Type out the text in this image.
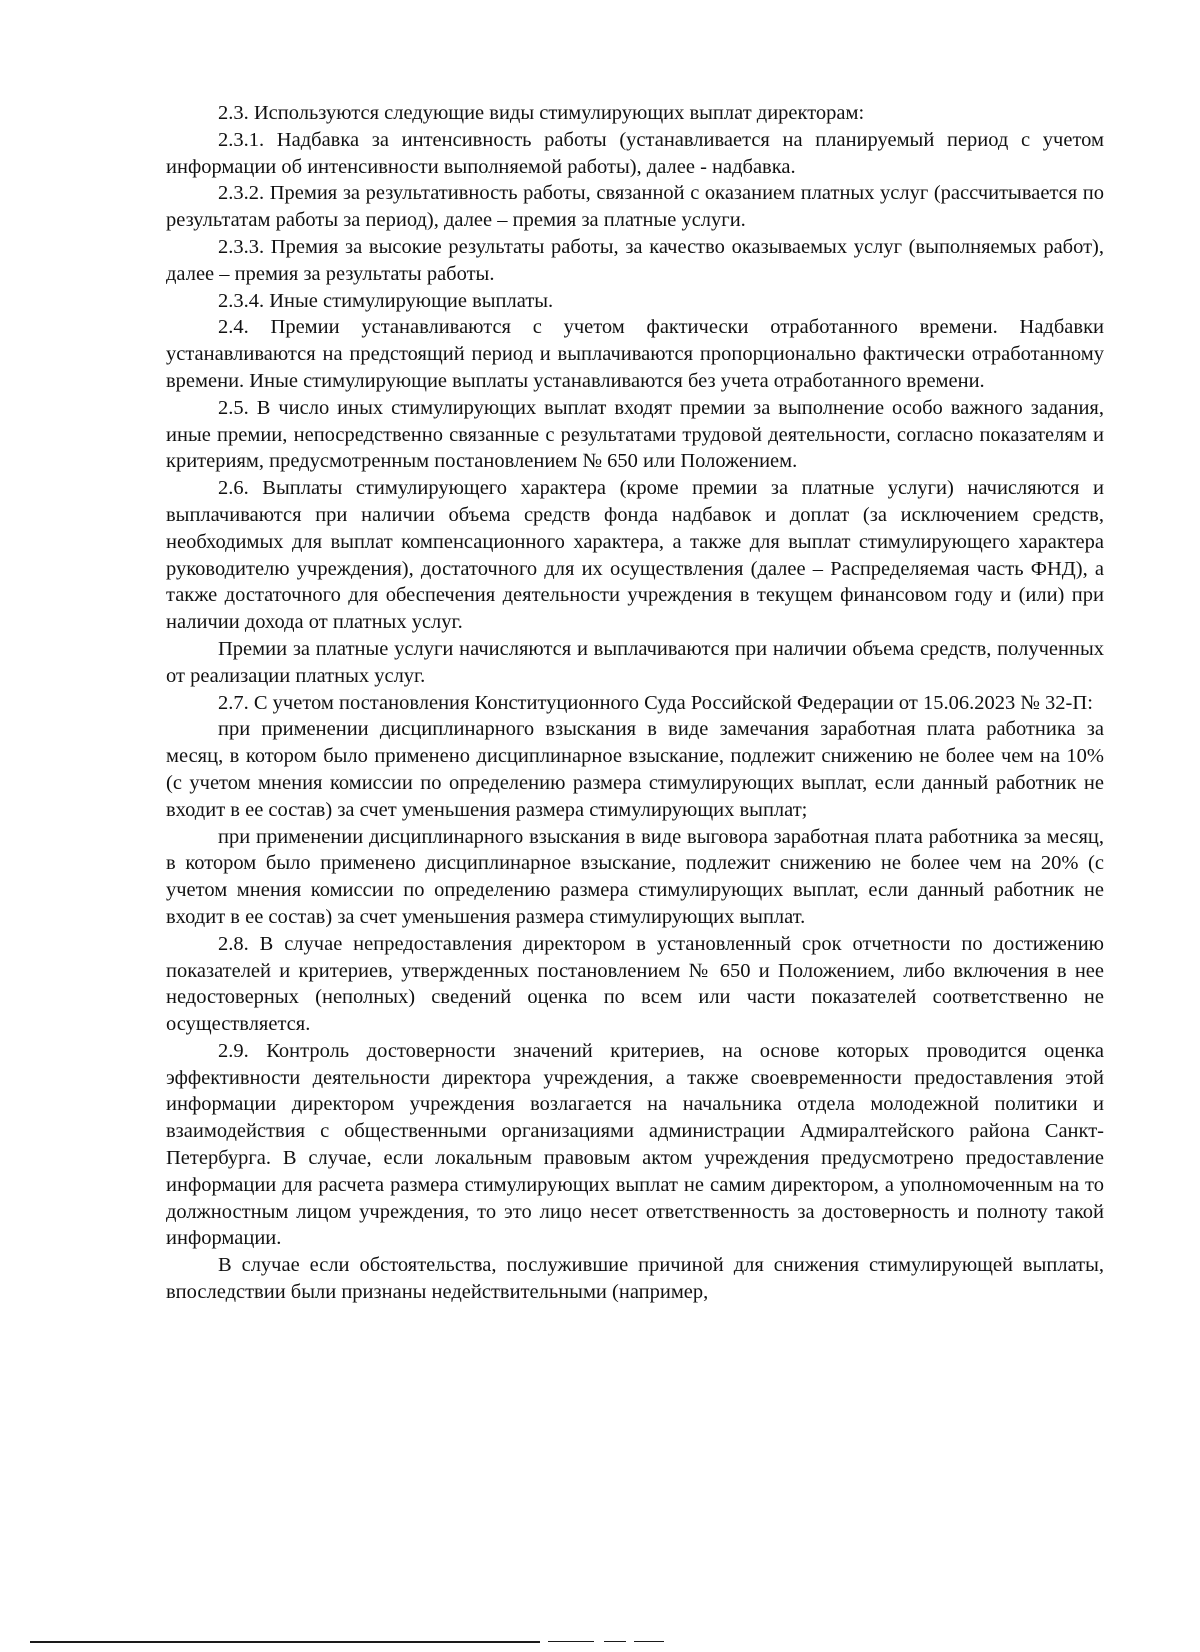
2.3. Используются следующие виды стимулирующих выплат директорам:

2.3.1. Надбавка за интенсивность работы (устанавливается на планируемый период с учетом информации об интенсивности выполняемой работы), далее - надбавка.

2.3.2. Премия за результативность работы, связанной с оказанием платных услуг (рассчитывается по результатам работы за период), далее – премия за платные услуги.

2.3.3. Премия за высокие результаты работы, за качество оказываемых услуг (выполняемых работ), далее – премия за результаты работы.

2.3.4. Иные стимулирующие выплаты.

2.4. Премии устанавливаются с учетом фактически отработанного времени. Надбавки устанавливаются на предстоящий период и выплачиваются пропорционально фактически отработанному времени. Иные стимулирующие выплаты устанавливаются без учета отработанного времени.

2.5. В число иных стимулирующих выплат входят премии за выполнение особо важного задания, иные премии, непосредственно связанные с результатами трудовой деятельности, согласно показателям и критериям, предусмотренным постановлением № 650 или Положением.

2.6. Выплаты стимулирующего характера (кроме премии за платные услуги) начисляются и выплачиваются при наличии объема средств фонда надбавок и доплат (за исключением средств, необходимых для выплат компенсационного характера, а также для выплат стимулирующего характера руководителю учреждения), достаточного для их осуществления (далее – Распределяемая часть ФНД), а также достаточного для обеспечения деятельности учреждения в текущем финансовом году и (или) при наличии дохода от платных услуг.

Премии за платные услуги начисляются и выплачиваются при наличии объема средств, полученных от реализации платных услуг.

2.7. С учетом постановления Конституционного Суда Российской Федерации от 15.06.2023 № 32-П:

при применении дисциплинарного взыскания в виде замечания заработная плата работника за месяц, в котором было применено дисциплинарное взыскание, подлежит снижению не более чем на 10% (с учетом мнения комиссии по определению размера стимулирующих выплат, если данный работник не входит в ее состав) за счет уменьшения размера стимулирующих выплат;

при применении дисциплинарного взыскания в виде выговора заработная плата работника за месяц, в котором было применено дисциплинарное взыскание, подлежит снижению не более чем на 20% (с учетом мнения комиссии по определению размера стимулирующих выплат, если данный работник не входит в ее состав) за счет уменьшения размера стимулирующих выплат.

2.8. В случае непредоставления директором в установленный срок отчетности по достижению показателей и критериев, утвержденных постановлением № 650 и Положением, либо включения в нее недостоверных (неполных) сведений оценка по всем или части показателей соответственно не осуществляется.

2.9. Контроль достоверности значений критериев, на основе которых проводится оценка эффективности деятельности директора учреждения, а также своевременности предоставления этой информации директором учреждения возлагается на начальника отдела молодежной политики и взаимодействия с общественными организациями администрации Адмиралтейского района Санкт-Петербурга. В случае, если локальным правовым актом учреждения предусмотрено предоставление информации для расчета размера стимулирующих выплат не самим директором, а уполномоченным на то должностным лицом учреждения, то это лицо несет ответственность за достоверность и полноту такой информации.

В случае если обстоятельства, послужившие причиной для снижения стимулирующей выплаты, впоследствии были признаны недействительными (например,
